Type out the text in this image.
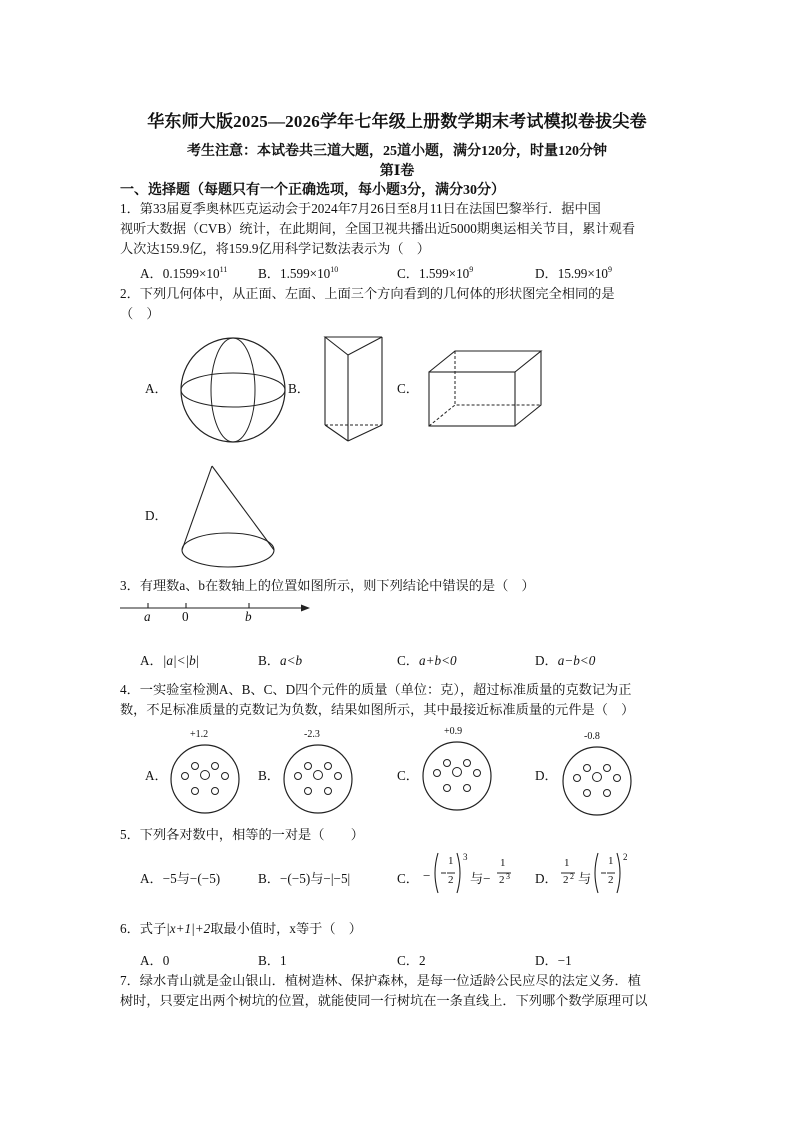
华东师大版2025—2026学年七年级上册数学期末考试模拟卷拔尖卷
考生注意：本试卷共三道大题，25道小题，满分120分，时量120分钟
第Ⅰ卷
一、选择题（每题只有一个正确选项，每小题3分，满分30分）
1．第33届夏季奥林匹克运动会于2024年7月26日至8月11日在法国巴黎举行．据中国
视听大数据（CVB）统计，在此期间，全国卫视共播出近5000期奥运相关节目，累计观看
人次达159.9亿，将159.9亿用科学记数法表示为（　）
A．$0.1599\times 10^{11}$ B．$1.599\times 10^{10}$	C．$1.599\times 10^9$	D．$15.99\times 10^9$
2．下列几何体中，从正面、左面、上面三个方向看到的几何体的形状图完全相同的是
（　）
A．	B．	C．
D．
3．有理数a、b在数轴上的位置如图所示，则下列结论中错误的是（　）
a 0	b
A．|a|<|b|	B．a<b	C．a+b<0	D．a−b<0
4．一实验室检测A、B、C、D四个元件的质量（单位：克），超过标准质量的克数记为正
数，不足标准质量的克数记为负数，结果如图所示，其中最接近标准质量的元件是（　）
A．
+1.2
B．
-2.3
C．
+0.9
D．
-0.8
5．下列各对数中，相等的一对是（　　）
A．−5与−(−5)	B．−(−5)与−|−5|	C． −
1
2
3
与−
1
2 3 D．
1
2 2 与
1
2
2
6．式子|x+1|+2取最小值时，x等于（　）
A．0	B．1	C．2	D．−1
7．绿水青山就是金山银山．植树造林、保护森林，是每一位适龄公民应尽的法定义务．植
树时，只要定出两个树坑的位置，就能使同一行树坑在一条直线上．下列哪个数学原理可以
